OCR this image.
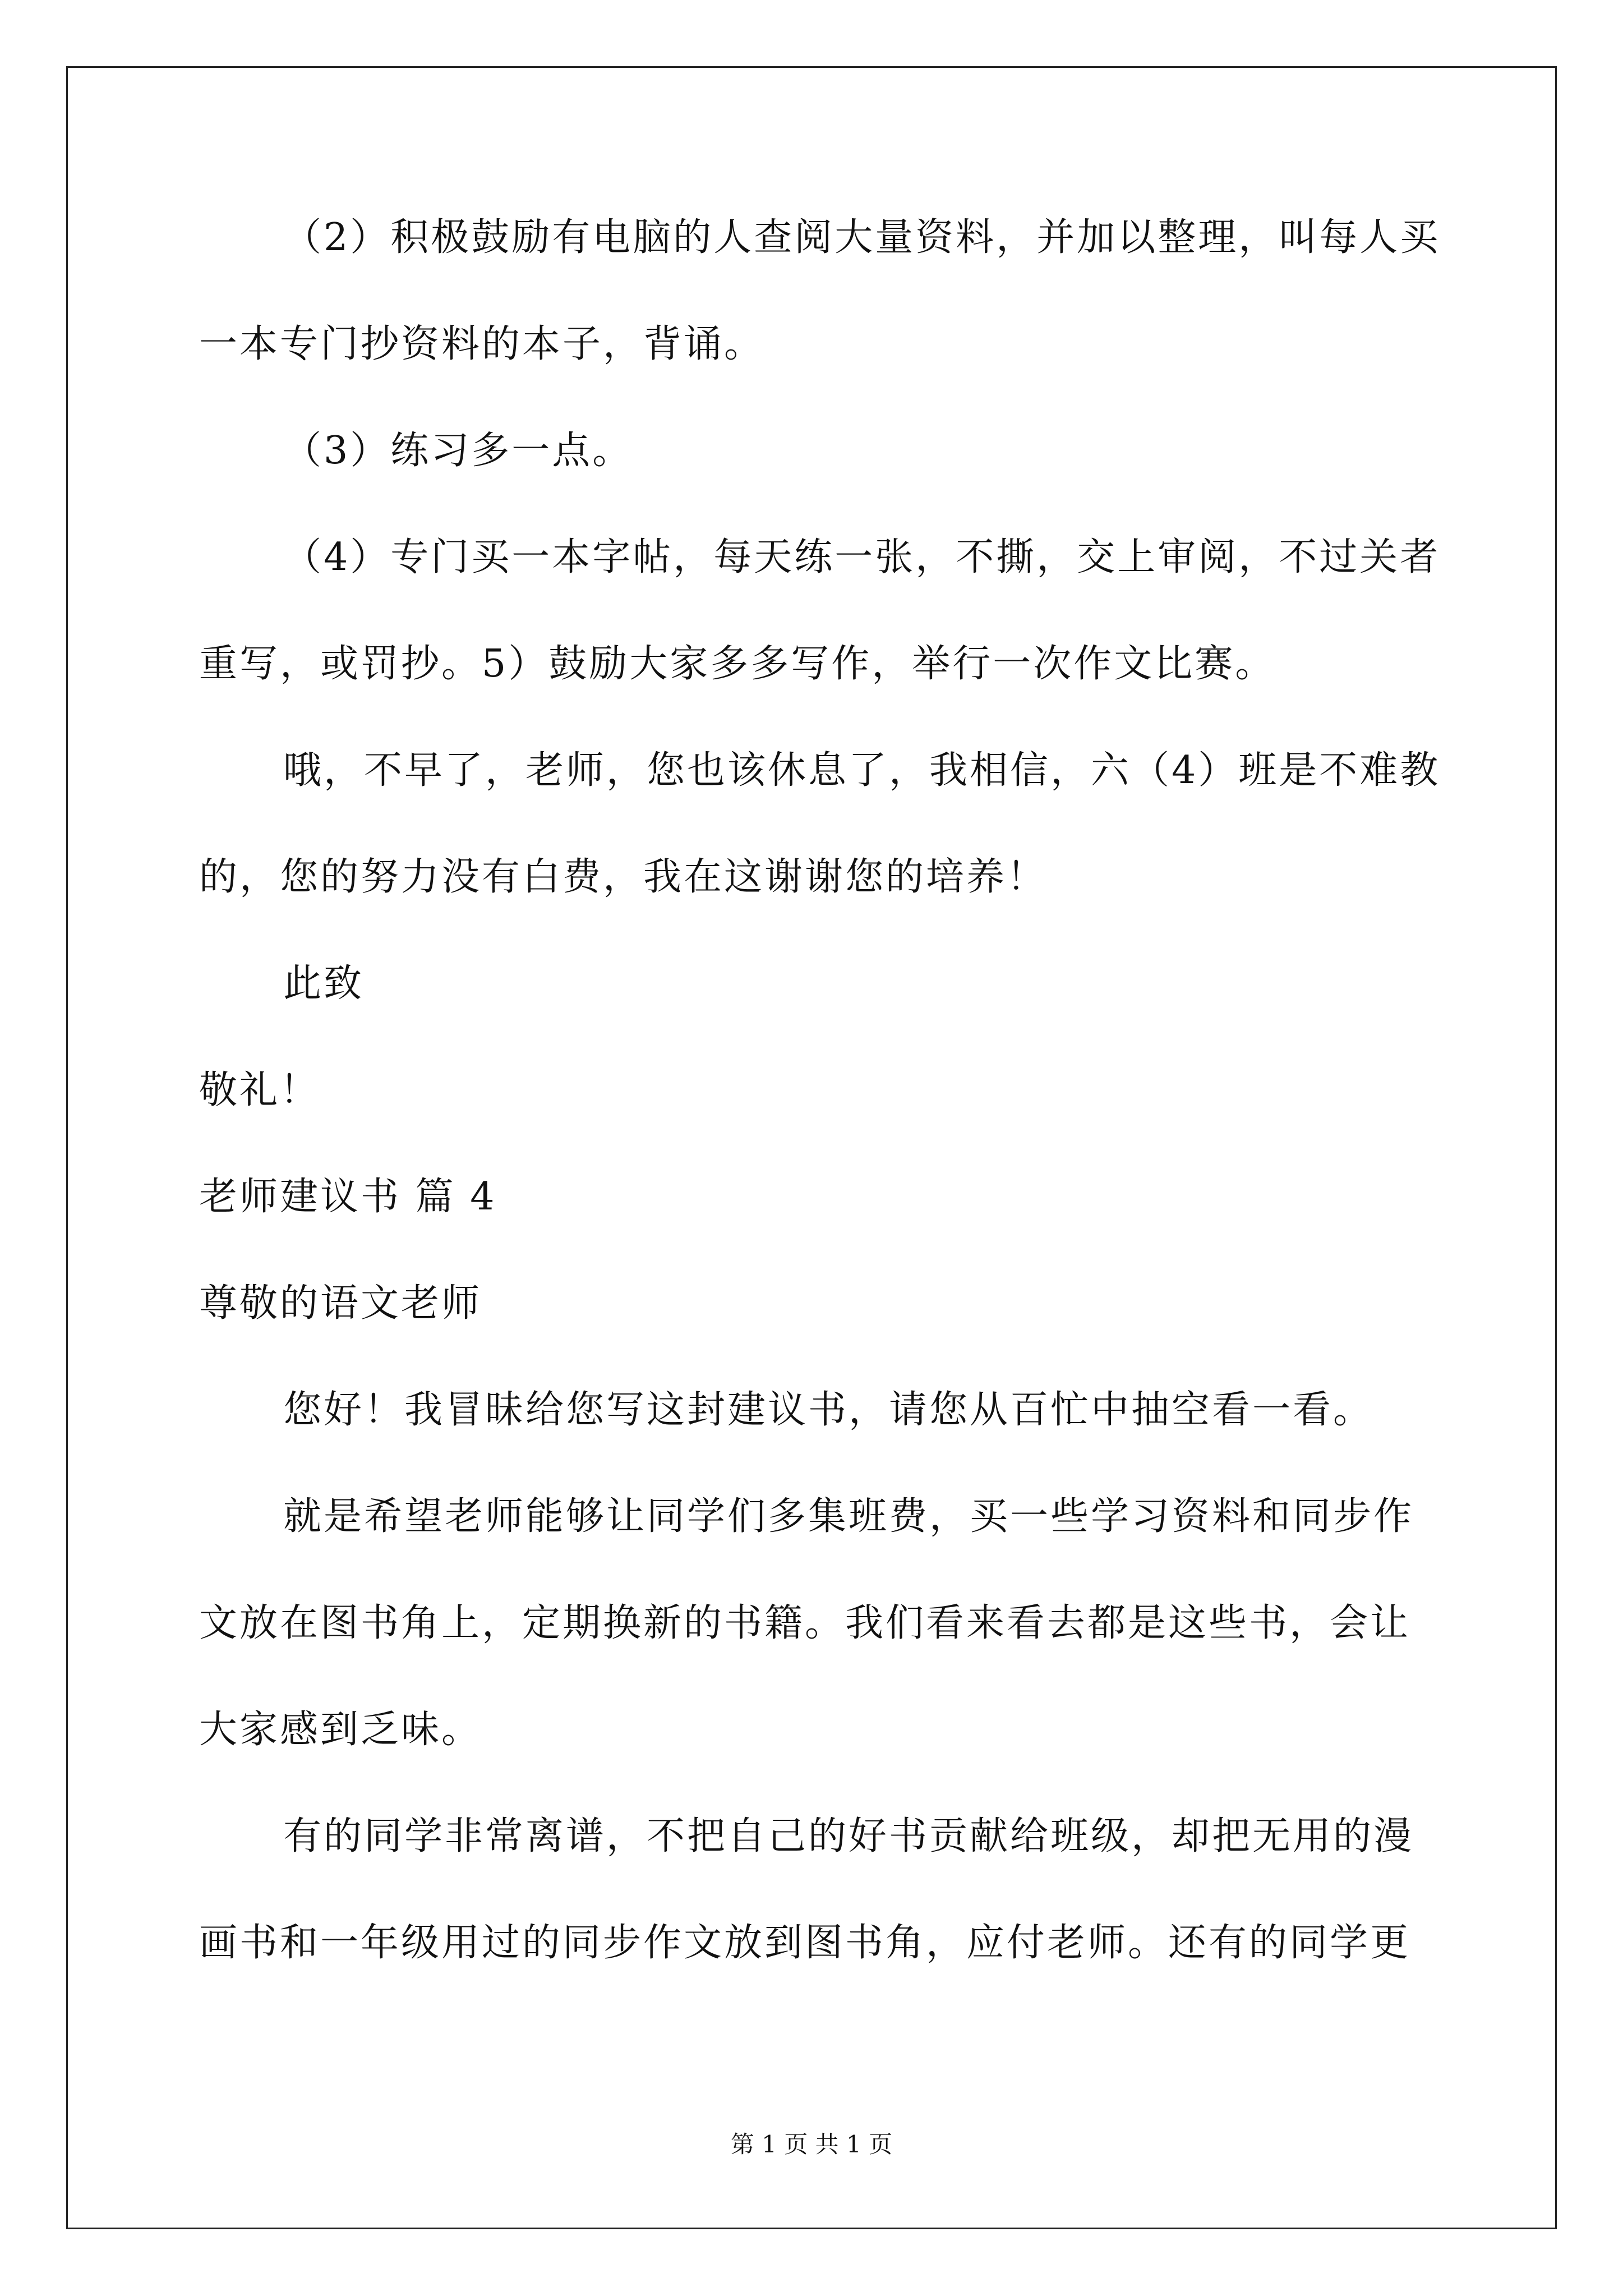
（2）积极鼓励有电脑的人查阅大量资料，并加以整理，叫每人买
一本专门抄资料的本子，背诵。
（3）练习多一点。
（4）专门买一本字帖，每天练一张，不撕，交上审阅，不过关者
重写，或罚抄。5）鼓励大家多多写作，举行一次作文比赛。
哦，不早了，老师，您也该休息了，我相信，六（4）班是不难教
的，您的努力没有白费，我在这谢谢您的培养！
此致
敬礼！
老师建议书 篇 4
尊敬的语文老师
您好！我冒昧给您写这封建议书，请您从百忙中抽空看一看。
就是希望老师能够让同学们多集班费，买一些学习资料和同步作
文放在图书角上，定期换新的书籍。我们看来看去都是这些书，会让
大家感到乏味。
有的同学非常离谱，不把自己的好书贡献给班级，却把无用的漫
画书和一年级用过的同步作文放到图书角，应付老师。还有的同学更
第 1 页 共 1 页
